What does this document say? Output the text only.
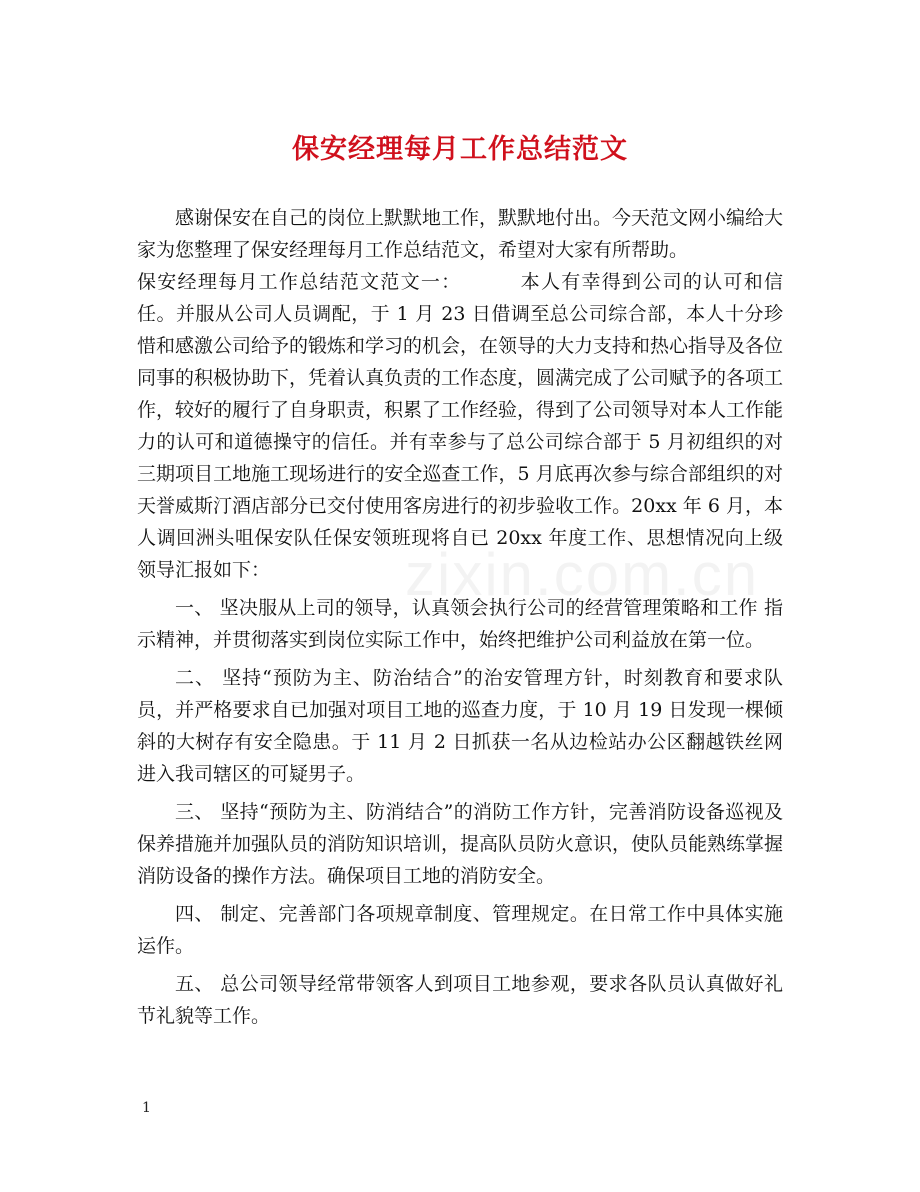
保安经理每月工作总结范文
zixin.com.cn

感谢保安在自己的岗位上默默地工作，默默地付出。今天范文网小编给大家为您整理了保安经理每月工作总结范文，希望对大家有所帮助。

保安经理每月工作总结范文范文一：	本人有幸得到公司的认可和信任。并服从公司人员调配，于 1 月 23 日借调至总公司综合部，本人十分珍惜和感激公司给予的锻炼和学习的机会，在领导的大力支持和热心指导及各位同事的积极协助下，凭着认真负责的工作态度，圆满完成了公司赋予的各项工作，较好的履行了自身职责，积累了工作经验，得到了公司领导对本人工作能力的认可和道德操守的信任。并有幸参与了总公司综合部于 5 月初组织的对三期项目工地施工现场进行的安全巡查工作，5 月底再次参与综合部组织的对天誉威斯汀酒店部分已交付使用客房进行的初步验收工作。20xx 年 6 月，本人调回洲头咀保安队任保安领班现将自已 20xx 年度工作、思想情况向上级领导汇报如下：

一、 坚决服从上司的领导，认真领会执行公司的经营管理策略和工作 指示精神，并贯彻落实到岗位实际工作中，始终把维护公司利益放在第一位。

二、 坚持“预防为主、防治结合”的治安管理方针，时刻教育和要求队员，并严格要求自已加强对项目工地的巡查力度，于 10 月 19 日发现一棵倾斜的大树存有安全隐患。于 11 月 2 日抓获一名从边检站办公区翻越铁丝网进入我司辖区的可疑男子。

三、 坚持“预防为主、防消结合”的消防工作方针，完善消防设备巡视及保养措施并加强队员的消防知识培训，提高队员防火意识，使队员能熟练掌握消防设备的操作方法。确保项目工地的消防安全。

四、 制定、完善部门各项规章制度、管理规定。在日常工作中具体实施运作。

五、 总公司领导经常带领客人到项目工地参观，要求各队员认真做好礼节礼貌等工作。

1
